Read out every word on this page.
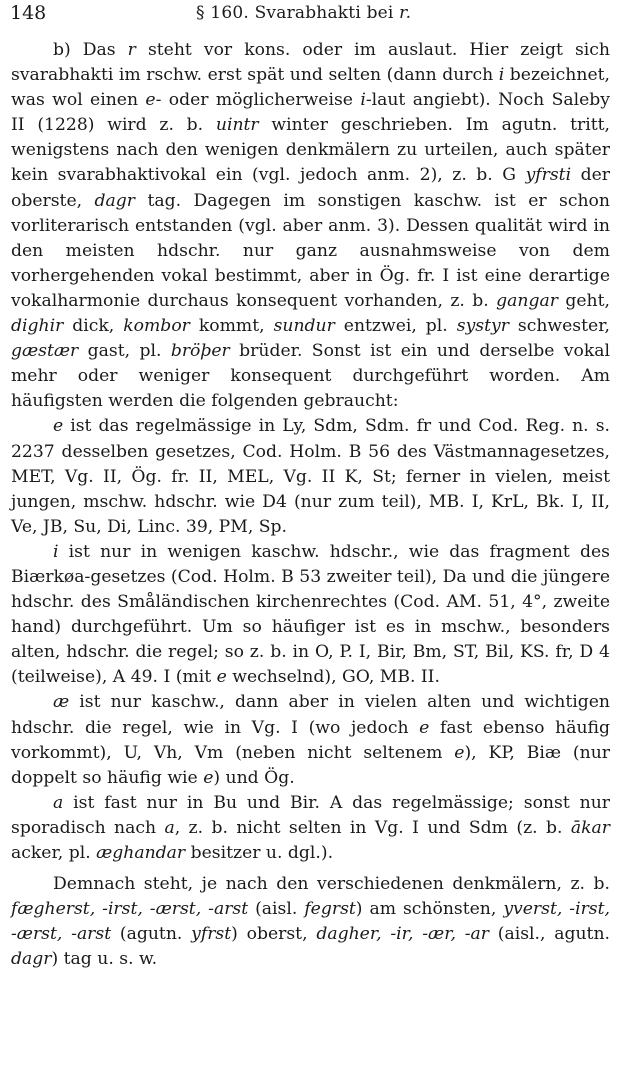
148	§ 160. Svarabhakti bei r.

b) Das r steht vor kons. oder im auslaut. Hier zeigt sich svarabhakti im rschw. erst spät und selten (dann durch i bezeichnet, was wol einen e- oder möglicherweise i-laut angiebt). Noch Saleby II (1228) wird z. b. uintr winter geschrieben. Im agutn. tritt, wenigstens nach den wenigen denkmälern zu urteilen, auch später kein svarabhaktivokal ein (vgl. jedoch anm. 2), z. b. G yfrsti der oberste, dagr tag. Dagegen im sonstigen kaschw. ist er schon vorliterarisch entstanden (vgl. aber anm. 3). Dessen qualität wird in den meisten hdschr. nur ganz ausnahmsweise von dem vorhergehenden vokal bestimmt, aber in Ög. fr. I ist eine derartige vokalharmonie durchaus konsequent vorhanden, z. b. gangar geht, dighir dick, kombor kommt, sundur entzwei, pl. systyr schwester, gæstær gast, pl. bröþer brüder. Sonst ist ein und derselbe vokal mehr oder weniger konsequent durchgeführt worden. Am häufigsten werden die folgenden gebraucht:

e ist das regelmässige in Ly, Sdm, Sdm. fr und Cod. Reg. n. s. 2237 desselben gesetzes, Cod. Holm. B 56 des Västmannagesetzes, MET, Vg. II, Ög. fr. II, MEL, Vg. II K, St; ferner in vielen, meist jungen, mschw. hdschr. wie D4 (nur zum teil), MB. I, KrL, Bk. I, II, Ve, JB, Su, Di, Linc. 39, PM, Sp.

i ist nur in wenigen kaschw. hdschr., wie das fragment des Biærkøa-gesetzes (Cod. Holm. B 53 zweiter teil), Da und die jüngere hdschr. des Småländischen kirchenrechtes (Cod. AM. 51, 4°, zweite hand) durchgeführt. Um so häufiger ist es in mschw., besonders alten, hdschr. die regel; so z. b. in O, P. I, Bir, Bm, ST, Bil, KS. fr, D 4 (teilweise), A 49. I (mit e wechselnd), GO, MB. II.

æ ist nur kaschw., dann aber in vielen alten und wichtigen hdschr. die regel, wie in Vg. I (wo jedoch e fast ebenso häufig vorkommt), U, Vh, Vm (neben nicht seltenem e), KP, Biæ (nur doppelt so häufig wie e) und Ög.

a ist fast nur in Bu und Bir. A das regelmässige; sonst nur sporadisch nach a, z. b. nicht selten in Vg. I und Sdm (z. b. ākar acker, pl. æghandar besitzer u. dgl.).

Demnach steht, je nach den verschiedenen denkmälern, z. b. fægherst, -irst, -ærst, -arst (aisl. fegrst) am schönsten, yverst, -irst, -ærst, -arst (agutn. yfrst) oberst, dagher, -ir, -ær, -ar (aisl., agutn. dagr) tag u. s. w.
